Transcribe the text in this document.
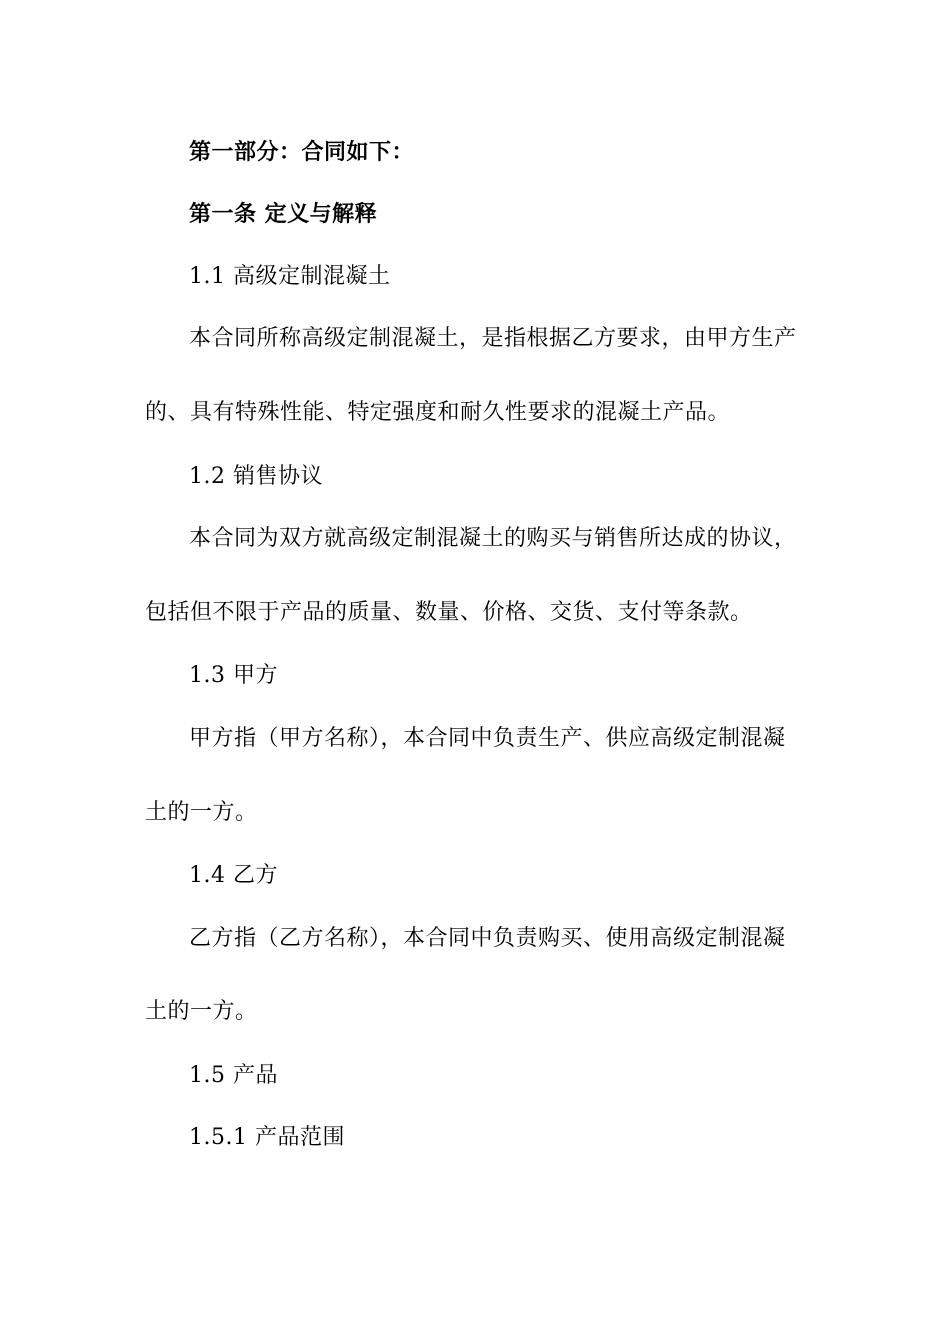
第一部分：合同如下：
第一条 定义与解释
1.1 高级定制混凝土
本合同所称高级定制混凝土，是指根据乙方要求，由甲方生产
的、具有特殊性能、特定强度和耐久性要求的混凝土产品。
1.2 销售协议
本合同为双方就高级定制混凝土的购买与销售所达成的协议，
包括但不限于产品的质量、数量、价格、交货、支付等条款。
1.3 甲方
甲方指（甲方名称），本合同中负责生产、供应高级定制混凝
土的一方。
1.4 乙方
乙方指（乙方名称），本合同中负责购买、使用高级定制混凝
土的一方。
1.5 产品
1.5.1 产品范围
